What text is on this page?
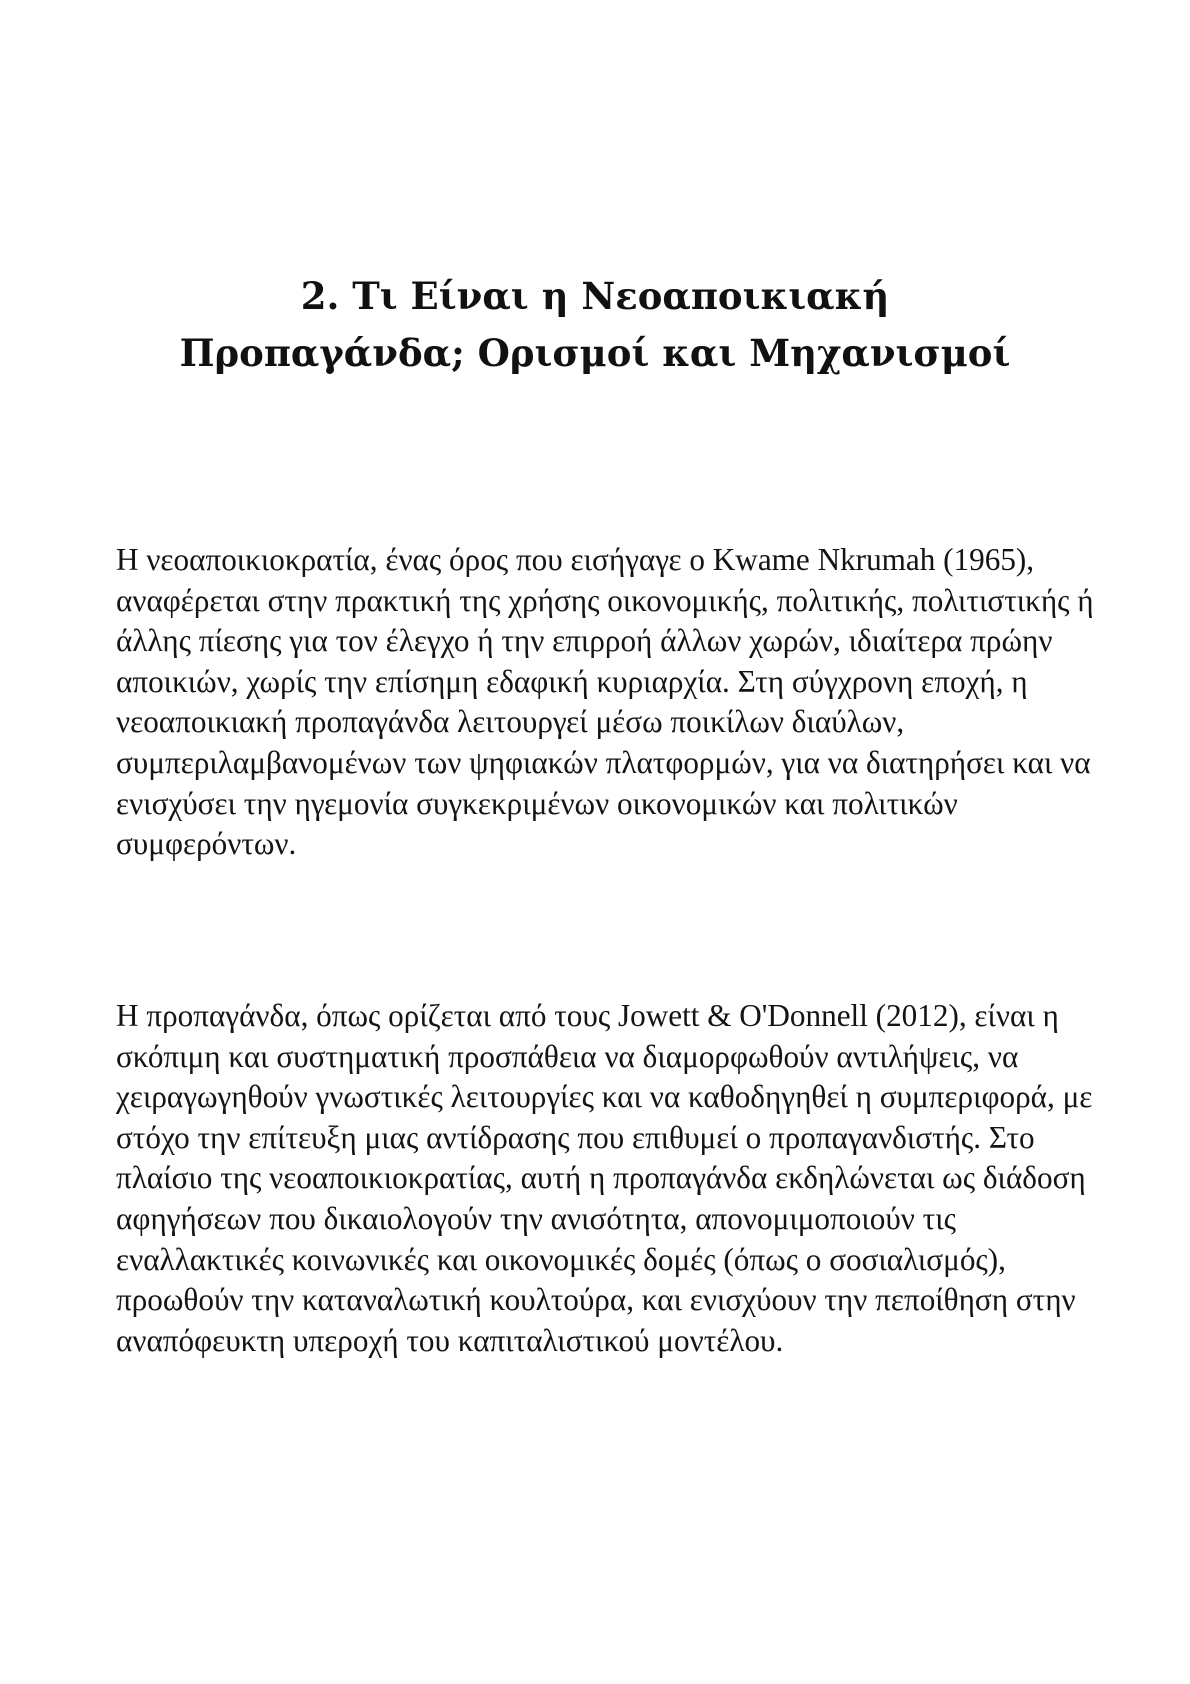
2. Τι Είναι η Νεοαποικιακή
Προπαγάνδα; Ορισμοί και Μηχανισμοί

Η νεοαποικιοκρατία, ένας όρος που εισήγαγε ο Kwame Nkrumah (1965), αναφέρεται στην πρακτική της χρήσης οικονομικής, πολιτικής, πολιτιστικής ή άλλης πίεσης για τον έλεγχο ή την επιρροή άλλων χωρών, ιδιαίτερα πρώην αποικιών, χωρίς την επίσημη εδαφική κυριαρχία. Στη σύγχρονη εποχή, η νεοαποικιακή προπαγάνδα λειτουργεί μέσω ποικίλων διαύλων, συμπεριλαμβανομένων των ψηφιακών πλατφορμών, για να διατηρήσει και να ενισχύσει την ηγεμονία συγκεκριμένων οικονομικών και πολιτικών συμφερόντων.

Η προπαγάνδα, όπως ορίζεται από τους Jowett & O'Donnell (2012), είναι η σκόπιμη και συστηματική προσπάθεια να διαμορφωθούν αντιλήψεις, να χειραγωγηθούν γνωστικές λειτουργίες και να καθοδηγηθεί η συμπεριφορά, με στόχο την επίτευξη μιας αντίδρασης που επιθυμεί ο προπαγανδιστής. Στο πλαίσιο της νεοαποικιοκρατίας, αυτή η προπαγάνδα εκδηλώνεται ως διάδοση αφηγήσεων που δικαιολογούν την ανισότητα, απονομιμοποιούν τις εναλλακτικές κοινωνικές και οικονομικές δομές (όπως ο σοσιαλισμός), προωθούν την καταναλωτική κουλτούρα, και ενισχύουν την πεποίθηση στην αναπόφευκτη υπεροχή του καπιταλιστικού μοντέλου.
